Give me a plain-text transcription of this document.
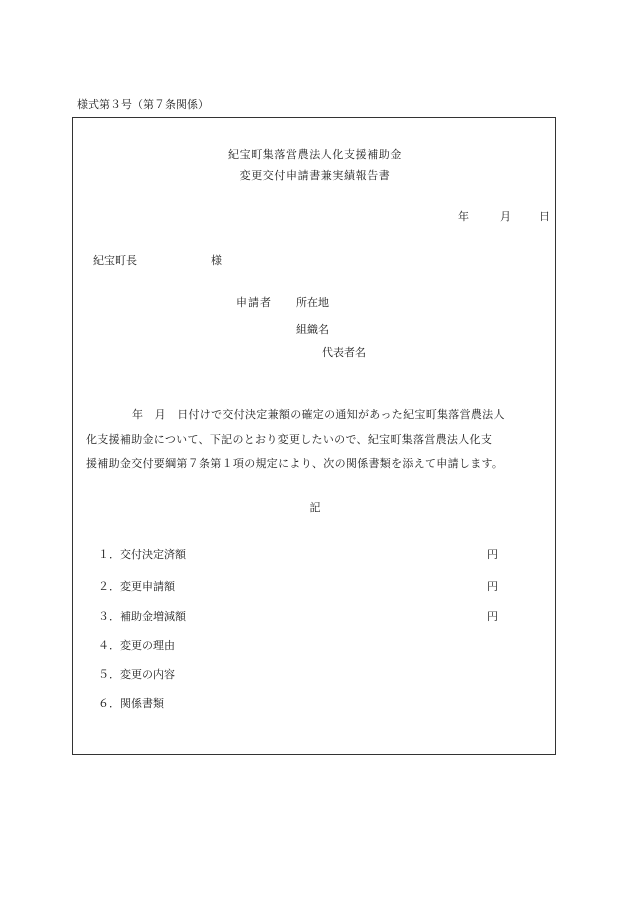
様式第３号（第７条関係）
紀宝町集落営農法人化支援補助金
変更交付申請書兼実績報告書
年	月	日
紀宝町長	様
申請者 所在地
組織名
代表者名
年　月　日付けで交付決定兼額の確定の通知があった紀宝町集落営農法人
化支援補助金について、下記のとおり変更したいので、紀宝町集落営農法人化支
援補助金交付要綱第７条第１項の規定により、次の関係書類を添えて申請します。
記
１．交付決定済額	円
２．変更申請額	円
３．補助金増減額	円
４．変更の理由
５．変更の内容
６．関係書類
